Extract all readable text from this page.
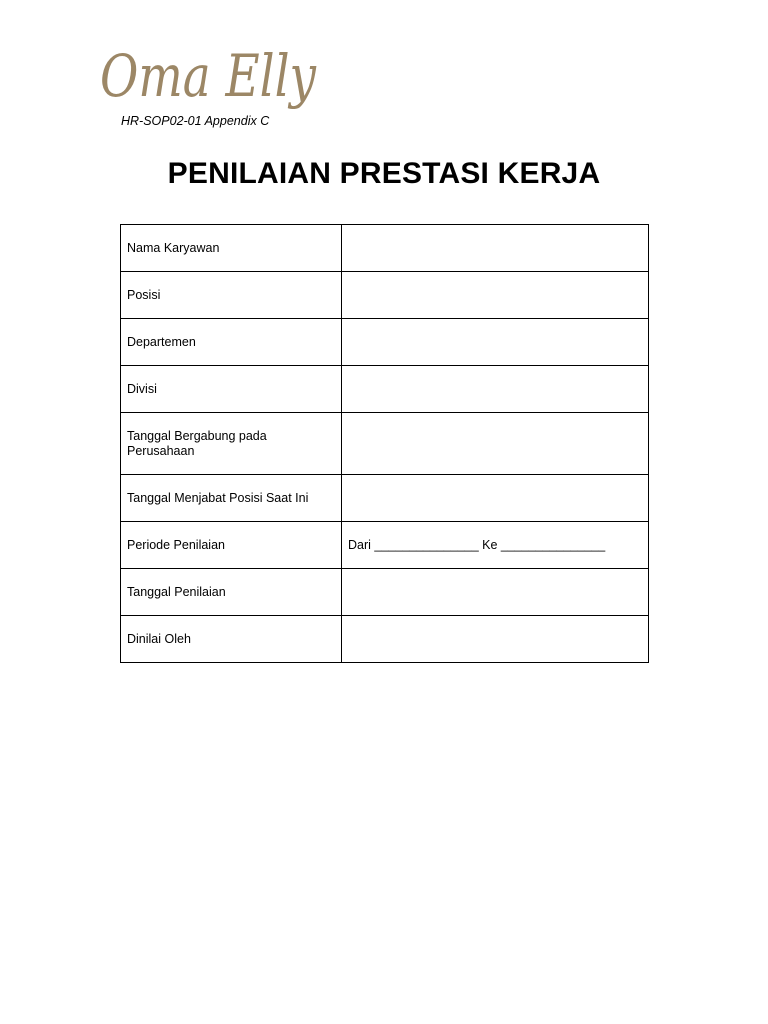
Oma Elly
HR-SOP02-01 Appendix C
PENILAIAN PRESTASI KERJA
Nama Karyawan	
Posisi	
Departemen	
Divisi	
Tanggal Bergabung pada Perusahaan	
Tanggal Menjabat Posisi Saat Ini	
Periode Penilaian	Dari _______________ Ke _______________
Tanggal Penilaian	
Dinilai Oleh	
